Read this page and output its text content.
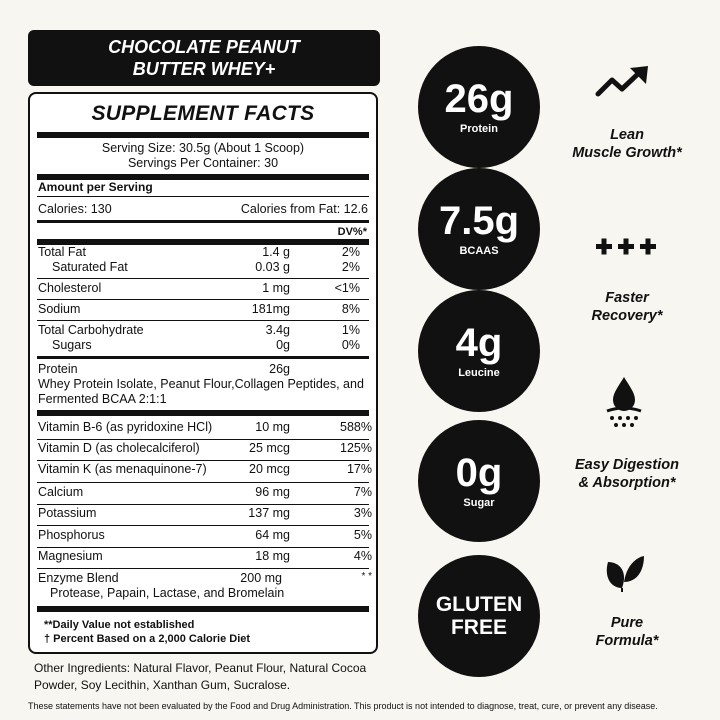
CHOCOLATE PEANUT
BUTTER WHEY+
SUPPLEMENT FACTS
Serving Size: 30.5g (About 1 Scoop)
Servings Per Container: 30
Amount per Serving
Calories: 130	Calories from Fat: 12.6
DV%*
Total Fat	1.4 g	2%
Saturated Fat	0.03 g	2%
Cholesterol	1 mg	<1%
Sodium	181mg	8%
Total Carbohydrate	3.4g	1%
Sugars	0g	0%
Protein	26g
Whey Protein Isolate, Peanut Flour,Collagen Peptides, and
Fermented BCAA 2:1:1
Vitamin B-6 (as pyridoxine HCl)	10 mg	588%
Vitamin D (as cholecalciferol)	25 mcg	125%
Vitamin K (as menaquinone-7)	20 mcg	17%
Calcium	96 mg	7%
Potassium	137 mg	3%
Phosphorus	64 mg	5%
Magnesium	18 mg	4%
Enzyme Blend	200 mg	* *
Protease, Papain, Lactase, and Bromelain
**Daily Value not established
† Percent Based on a 2,000 Calorie Diet
Other Ingredients: Natural Flavor, Peanut Flour, Natural Cocoa
Powder, Soy Lecithin, Xanthan Gum, Sucralose.
These statements have not been evaluated by the Food and Drug Administration. This product is not intended to diagnose, treat, cure, or prevent any disease.
26g
Protein
7.5g
BCAAS
4g
Leucine
0g
Sugar
GLUTEN
FREE
Lean
Muscle Growth*
Faster
Recovery*
Easy Digestion
& Absorption*
Pure
Formula*
